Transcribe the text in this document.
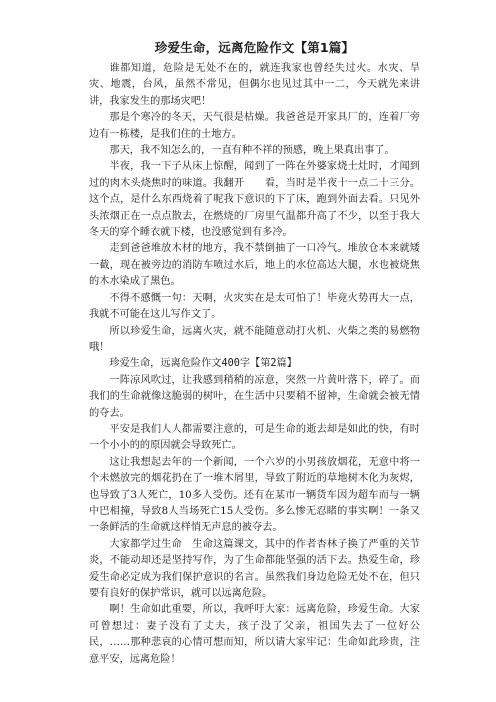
珍爱生命，远离危险作文【第1篇】

谁都知道，危险是无处不在的，就连我家也曾经失过火。水灾、旱灾、地震，台风，虽然不常见，但偶尔也见过其中一二，今天就先来讲讲，我家发生的那场灾吧！

那是个寒冷的冬天，天气很是枯燥。我爸爸是开家具厂的，连着厂旁边有一栋楼，是我们住的土地方。

那天，我不知怎么的，一直有种不祥的预感，晚上果真出事了。

半夜，我一下子从床上惊醒，闻到了一阵在外婆家烧土灶时，才闻到过的肉木头烧焦时的味道。我翻开　　看，当时是半夜十一点二十三分。这个点，是什么东西烧着了呢我下意识的下了床，跑到外面去看。只见外头浓烟正在一点点散去，在燃烧的厂房里气温都升高了不少，以至于我大冬天的穿个睡衣就下楼，也没感觉到有多冷。

走到爸爸堆放木材的地方，我不禁倒抽了一口冷气。堆放仓本来就矮一截，现在被旁边的消防车喷过水后，地上的水位高达大腿，水也被烧焦的木水染成了黑色。

不得不感慨一句：天啊，火灾实在是太可怕了！毕竟火势再大一点，我就不可能在这儿写作文了。

所以珍爱生命，远离火灾，就不能随意动打火机、火柴之类的易燃物哦！

珍爱生命，远离危险作文400字【第2篇】

一阵凉风吹过，让我感到稍稍的凉意，突然一片黄叶落下，碎了。而我们的生命就像这脆弱的树叶，在生活中只要稍不留神，生命就会被无情的夺去。

平安是我们人人都需要注意的，可是生命的逝去却是如此的快，有时一个小小的的原因就会导致死亡。

这让我想起去年的一个新闻，一个六岁的小男孩放烟花，无意中将一个未燃放完的烟花扔在了一堆木屑里，导致了附近的草地树木化为灰烬，也导致了3人死亡，10多人受伤。还有在某市一辆货车因为超车而与一辆中巴相撞，导致8人当场死亡15人受伤。多么惨无忍睹的事实啊！一条又一条鲜活的生命就这样悄无声息的被夺去。

大家都学过生命　生命这篇课文，其中的作者杏林子换了严重的关节炎，不能动却还是坚持写作，为了生命都能坚强的活下去。热爱生命，珍爱生命必定成为我们保护意识的名言。虽然我们身边危险无处不在，但只要有良好的保护常识，就可以远离危险。

啊！生命如此重要，所以，我呼吁大家：远离危险，珍爱生命。大家可曾想过：妻子没有了丈夫，孩子没了父亲，祖国失去了一位好公民，……那种悲哀的心情可想而知，所以请大家牢记：生命如此珍贵，注意平安，远离危险！
